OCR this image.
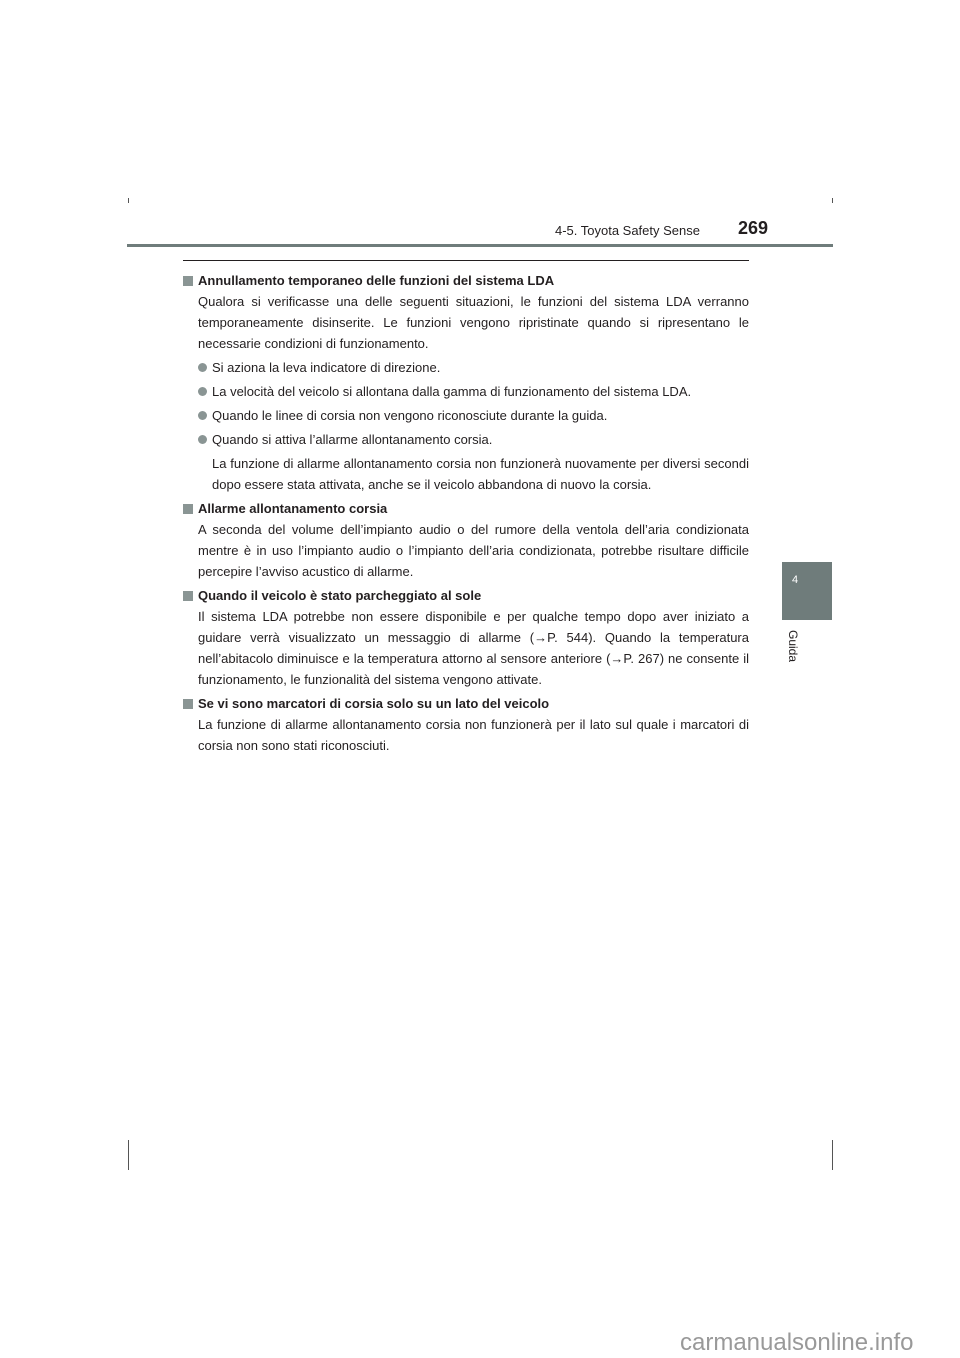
4-5. Toyota Safety Sense 269
4
Guida
Annullamento temporaneo delle funzioni del sistema LDA
Qualora si verificasse una delle seguenti situazioni, le funzioni del sistema LDA verranno temporaneamente disinserite. Le funzioni vengono ripristinate quando si ripresentano le necessarie condizioni di funzionamento.
Si aziona la leva indicatore di direzione.
La velocità del veicolo si allontana dalla gamma di funzionamento del sistema LDA.
Quando le linee di corsia non vengono riconosciute durante la guida.
Quando si attiva l’allarme allontanamento corsia.
La funzione di allarme allontanamento corsia non funzionerà nuovamente per diversi secondi dopo essere stata attivata, anche se il veicolo abbandona di nuovo la corsia.
Allarme allontanamento corsia
A seconda del volume dell’impianto audio o del rumore della ventola dell’aria condizionata mentre è in uso l’impianto audio o l’impianto dell’aria condizionata, potrebbe risultare difficile percepire l’avviso acustico di allarme.
Quando il veicolo è stato parcheggiato al sole
Il sistema LDA potrebbe non essere disponibile e per qualche tempo dopo aver iniziato a guidare verrà visualizzato un messaggio di allarme (→P. 544). Quando la temperatura nell’abitacolo diminuisce e la temperatura attorno al sensore anteriore (→P. 267) ne consente il funzionamento, le funzionalità del sistema vengono attivate.
Se vi sono marcatori di corsia solo su un lato del veicolo
La funzione di allarme allontanamento corsia non funzionerà per il lato sul quale i marcatori di corsia non sono stati riconosciuti.
carmanualsonline.info
